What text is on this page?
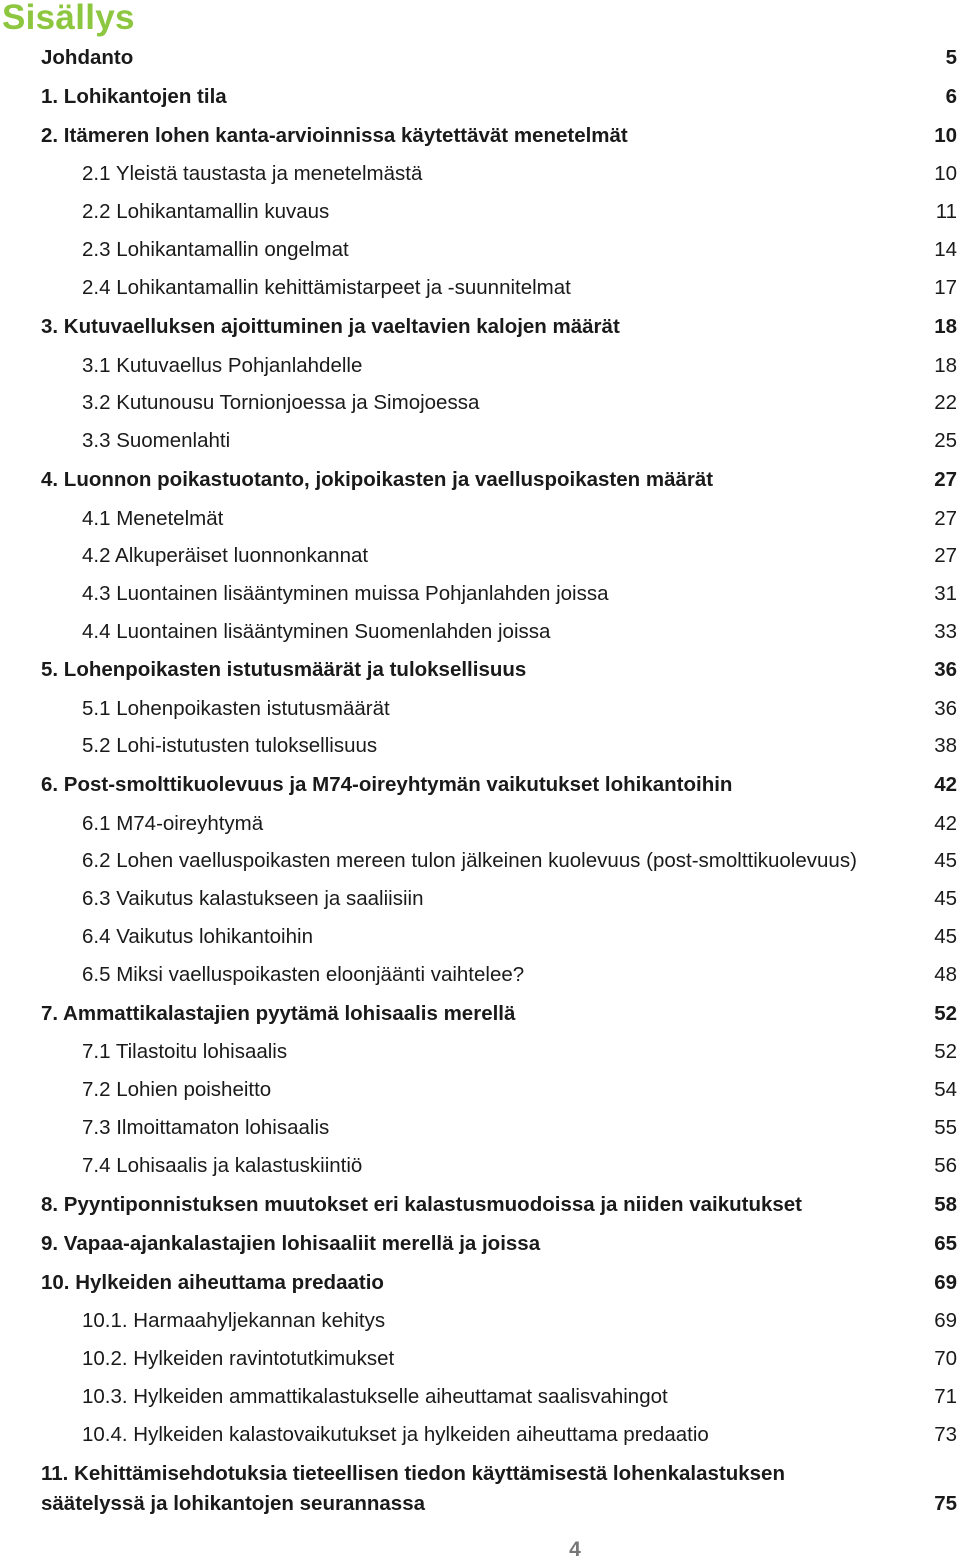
Sisällys
Johdanto	5
1. Lohikantojen tila	6
2. Itämeren lohen kanta-arvioinnissa käytettävät menetelmät	10
2.1 Yleistä taustasta ja menetelmästä	10
2.2 Lohikantamallin kuvaus	11
2.3 Lohikantamallin ongelmat	14
2.4 Lohikantamallin kehittämistarpeet ja -suunnitelmat	17
3. Kutuvaelluksen ajoittuminen ja vaeltavien kalojen määrät	18
3.1 Kutuvaellus Pohjanlahdelle	18
3.2 Kutunousu Tornionjoessa ja Simojoessa	22
3.3 Suomenlahti	25
4. Luonnon poikastuotanto, jokipoikasten ja vaelluspoikasten määrät	27
4.1 Menetelmät	27
4.2 Alkuperäiset luonnonkannat	27
4.3 Luontainen lisääntyminen muissa Pohjanlahden joissa	31
4.4 Luontainen lisääntyminen Suomenlahden joissa	33
5. Lohenpoikasten istutusmäärät ja tuloksellisuus	36
5.1 Lohenpoikasten istutusmäärät	36
5.2 Lohi-istutusten tuloksellisuus	38
6. Post-smolttikuolevuus ja M74-oireyhtymän vaikutukset lohikantoihin	42
6.1 M74-oireyhtymä	42
6.2 Lohen vaelluspoikasten mereen tulon jälkeinen kuolevuus (post-smolttikuolevuus)	45
6.3 Vaikutus kalastukseen ja saaliisiin	45
6.4 Vaikutus lohikantoihin	45
6.5 Miksi vaelluspoikasten eloonjäänti vaihtelee?	48
7. Ammattikalastajien pyytämä lohisaalis merellä	52
7.1 Tilastoitu lohisaalis	52
7.2 Lohien poisheitto	54
7.3 Ilmoittamaton lohisaalis	55
7.4 Lohisaalis ja kalastuskiintiö	56
8. Pyyntiponnistuksen muutokset eri kalastusmuodoissa ja niiden vaikutukset	58
9. Vapaa-ajankalastajien lohisaaliit merellä ja joissa	65
10. Hylkeiden aiheuttama predaatio	69
10.1. Harmaahyljekannan kehitys	69
10.2. Hylkeiden ravintotutkimukset	70
10.3. Hylkeiden ammattikalastukselle aiheuttamat saalisvahingot	71
10.4. Hylkeiden kalastovaikutukset ja hylkeiden aiheuttama predaatio	73
11. Kehittämisehdotuksia tieteellisen tiedon käyttämisestä lohenkalastuksen
säätelyssä ja lohikantojen seurannassa	75
4
